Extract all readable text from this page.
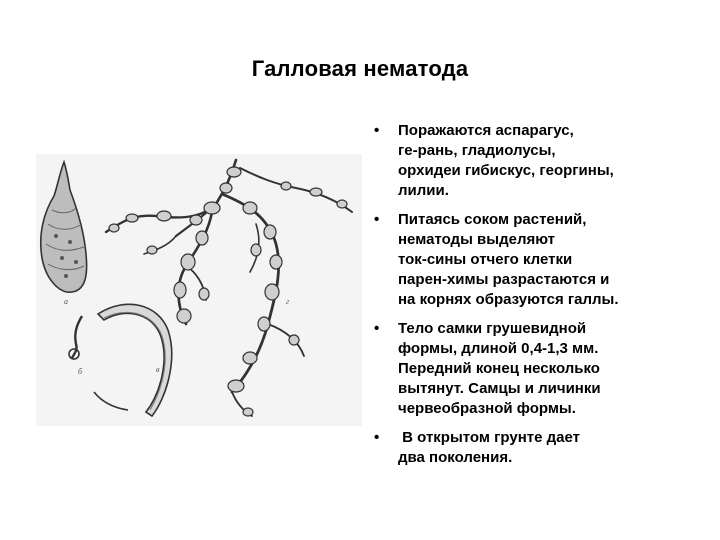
Галловая нематода
а
б	в
г
• Поражаются аспарагус,
ге-рань, гладиолусы,
орхидеи гибискус, георгины,
лилии.
• Питаясь соком растений,
нематоды выделяют
ток-сины отчего клетки
парен-химы разрастаются и
на корнях образуются галлы.
• Тело самки грушевидной
формы, длиной 0,4-1,3 мм.
Передний конец несколько
вытянут. Самцы и личинки
червеобразной формы.
• В открытом грунте дает
два поколения.
